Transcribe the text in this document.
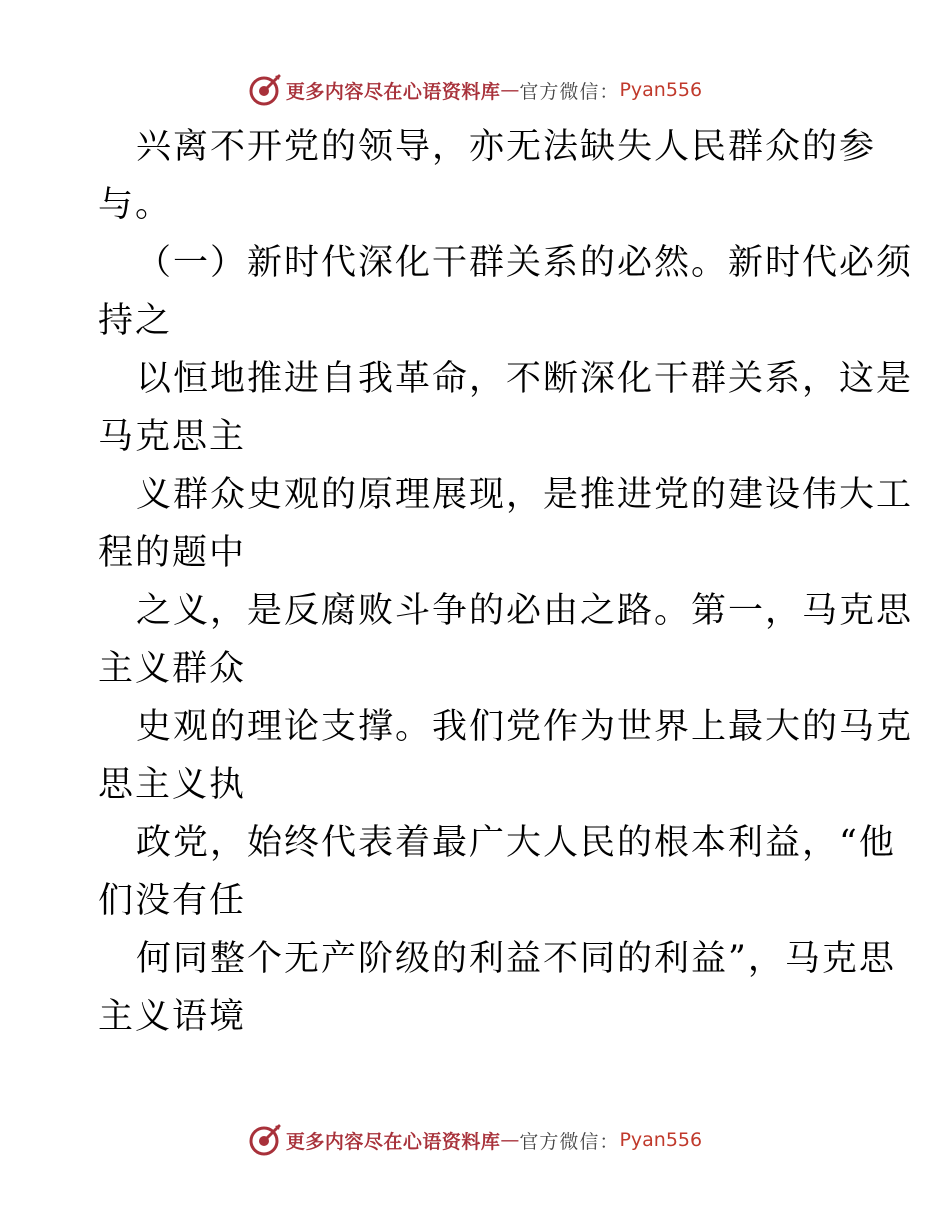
更多内容尽在心语资料库 — 官方微信： Pyan556
兴离不开党的领导，亦无法缺失人民群众的参
与。
（一）新时代深化干群关系的必然。新时代必须
持之
以恒地推进自我革命，不断深化干群关系，这是
马克思主
义群众史观的原理展现，是推进党的建设伟大工
程的题中
之义，是反腐败斗争的必由之路。第一，马克思
主义群众
史观的理论支撑。我们党作为世界上最大的马克
思主义执
政党，始终代表着最广大人民的根本利益，“他
们没有任
何同整个无产阶级的利益不同的利益”，马克思
主义语境
更多内容尽在心语资料库 — 官方微信： Pyan556
